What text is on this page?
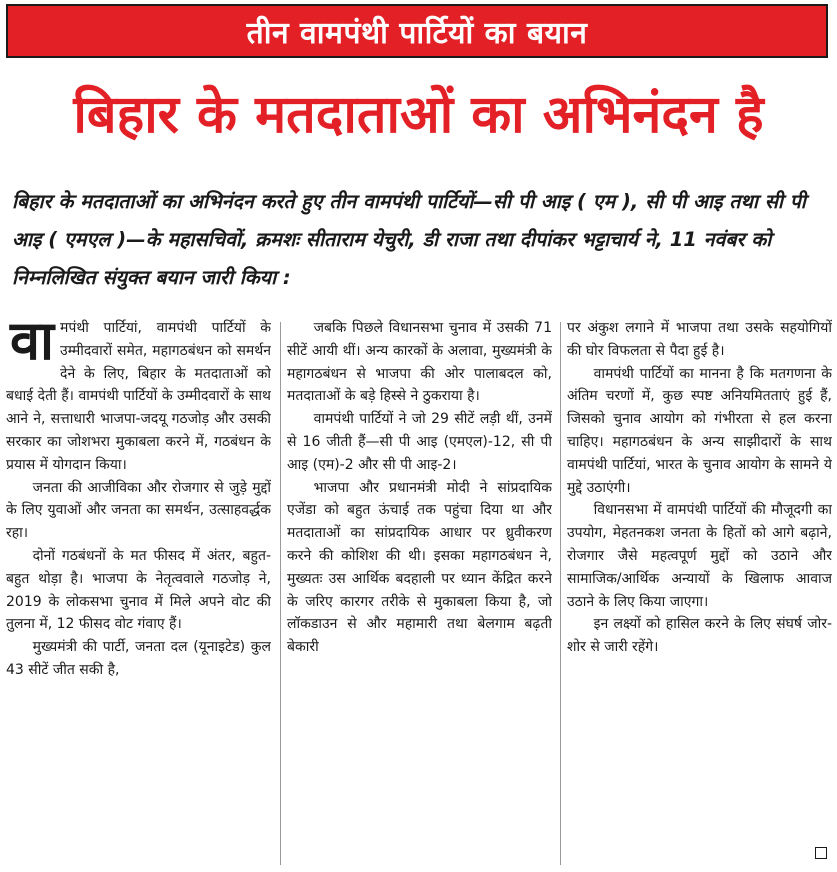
तीन वामपंथी पार्टियों का बयान
बिहार के मतदाताओं का अभिनंदन है
बिहार के मतदाताओं का अभिनंदन करते हुए तीन वामपंथी पार्टियों—सी पी आइ ( एम ), सी पी आइ तथा सी पी आइ ( एमएल )—के महासचिवों, क्रमशः सीताराम येचुरी, डी राजा तथा दीपांकर भट्टाचार्य ने, 11 नवंबर को निम्नलिखित संयुक्त बयान जारी किया :
वा मपंथी पार्टियां, वामपंथी पार्टियों के उम्मीदवारों समेत, महागठबंधन को समर्थन देने के लिए, बिहार के मतदाताओं को बधाई देती हैं। वामपंथी पार्टियों के उम्मीदवारों के साथ आने ने, सत्ताधारी भाजपा-जदयू गठजोड़ और उसकी सरकार का जोशभरा मुकाबला करने में, गठबंधन के प्रयास में योगदान किया।

जनता की आजीविका और रोजगार से जुड़े मुद्दों के लिए युवाओं और जनता का समर्थन, उत्साहवर्द्धक रहा।

दोनों गठबंधनों के मत फीसद में अंतर, बहुत-बहुत थोड़ा है। भाजपा के नेतृत्ववाले गठजोड़ ने, 2019 के लोकसभा चुनाव में मिले अपने वोट की तुलना में, 12 फीसद वोट गंवाए हैं।

मुख्यमंत्री की पार्टी, जनता दल (यूनाइटेड) कुल 43 सीटें जीत सकी है,

जबकि पिछले विधानसभा चुनाव में उसकी 71 सीटें आयी थीं। अन्य कारकों के अलावा, मुख्यमंत्री के महागठबंधन से भाजपा की ओर पालाबदल को, मतदाताओं के बड़े हिस्से ने ठुकराया है।

वामपंथी पार्टियों ने जो 29 सीटें लड़ी थीं, उनमें से 16 जीती हैं—सी पी आइ (एमएल)-12, सी पी आइ (एम)-2 और सी पी आइ-2।

भाजपा और प्रधानमंत्री मोदी ने सांप्रदायिक एजेंडा को बहुत ऊंचाई तक पहुंचा दिया था और मतदाताओं का सांप्रदायिक आधार पर ध्रुवीकरण करने की कोशिश की थी। इसका महागठबंधन ने, मुख्यतः उस आर्थिक बदहाली पर ध्यान केंद्रित करने के जरिए कारगर तरीके से मुकाबला किया है, जो लॉकडाउन से और महामारी तथा बेलगाम बढ़ती बेकारी

पर अंकुश लगाने में भाजपा तथा उसके सहयोगियों की घोर विफलता से पैदा हुई है।

वामपंथी पार्टियों का मानना है कि मतगणना के अंतिम चरणों में, कुछ स्पष्ट अनियमितताएं हुई हैं, जिसको चुनाव आयोग को गंभीरता से हल करना चाहिए। महागठबंधन के अन्य साझीदारों के साथ वामपंथी पार्टियां, भारत के चुनाव आयोग के सामने ये मुद्दे उठाएंगी।

विधानसभा में वामपंथी पार्टियों की मौजूदगी का उपयोग, मेहतनकश जनता के हितों को आगे बढ़ाने, रोजगार जैसे महत्वपूर्ण मुद्दों को उठाने और सामाजिक/आर्थिक अन्यायों के खिलाफ आवाज उठाने के लिए किया जाएगा।

इन लक्ष्यों को हासिल करने के लिए संघर्ष जोर-शोर से जारी रहेंगे।
